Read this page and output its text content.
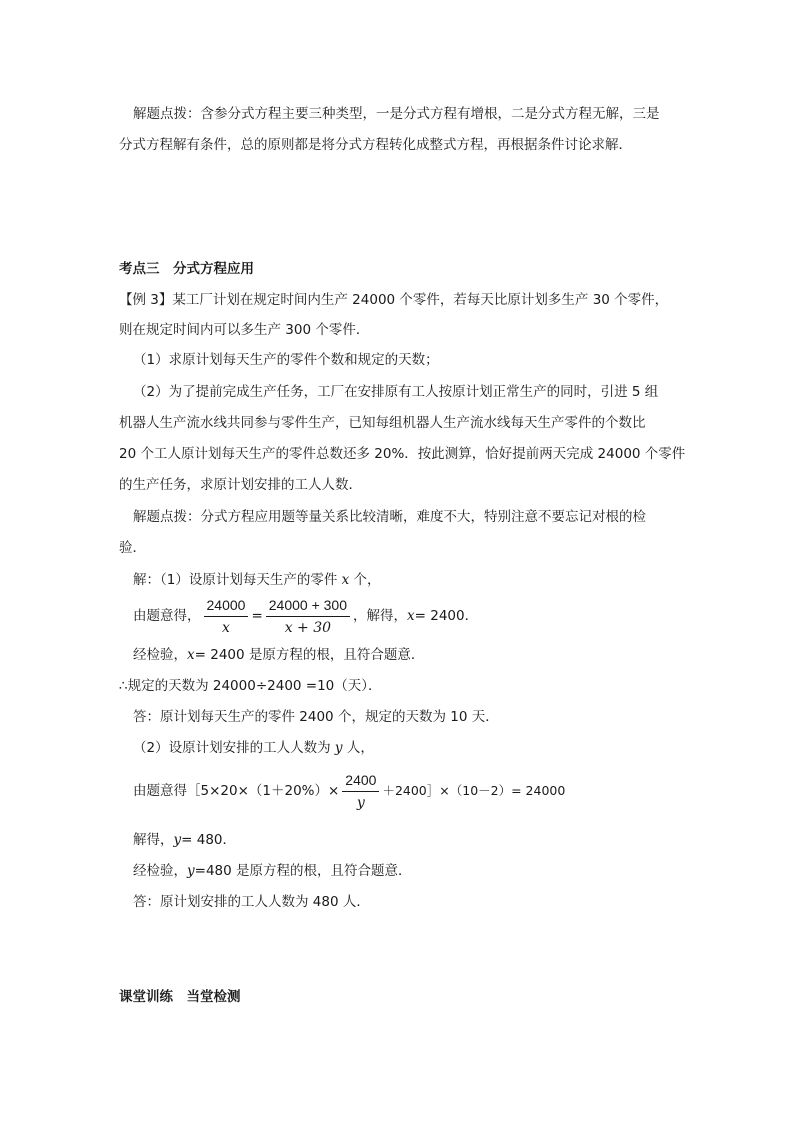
解题点拨：含参分式方程主要三种类型，一是分式方程有增根，二是分式方程无解，三是
分式方程解有条件，总的原则都是将分式方程转化成整式方程，再根据条件讨论求解．
考点三　分式方程应用
【例 3】某工厂计划在规定时间内生产 24000 个零件，若每天比原计划多生产 30 个零件，
则在规定时间内可以多生产 300 个零件．
（1）求原计划每天生产的零件个数和规定的天数；
（2）为了提前完成生产任务，工厂在安排原有工人按原计划正常生产的同时，引进 5 组
机器人生产流水线共同参与零件生产，已知每组机器人生产流水线每天生产零件的个数比
20 个工人原计划每天生产的零件总数还多 20%．按此测算，恰好提前两天完成 24000 个零件
的生产任务，求原计划安排的工人人数．
解题点拨：分式方程应用题等量关系比较清晰，难度不大，特别注意不要忘记对根的检
验．
解：（1）设原计划每天生产的零件 x 个，
由题意得， $\frac{24000}{x} = \frac{24000 + 300}{x + 30}$ ，解得，x= 2400．
经检验，x= 2400 是原方程的根，且符合题意．
∴规定的天数为 24000÷2400 =10（天）．
答：原计划每天生产的零件 2400 个，规定的天数为 10 天．
（2）设原计划安排的工人人数为 y 人，
由题意得［5×20×（1＋20%）× $\frac{2400}{y}$ ＋2400］×（10－2）= 24000
解得，y= 480．
经检验，y=480 是原方程的根，且符合题意．
答：原计划安排的工人人数为 480 人．
课堂训练　当堂检测
